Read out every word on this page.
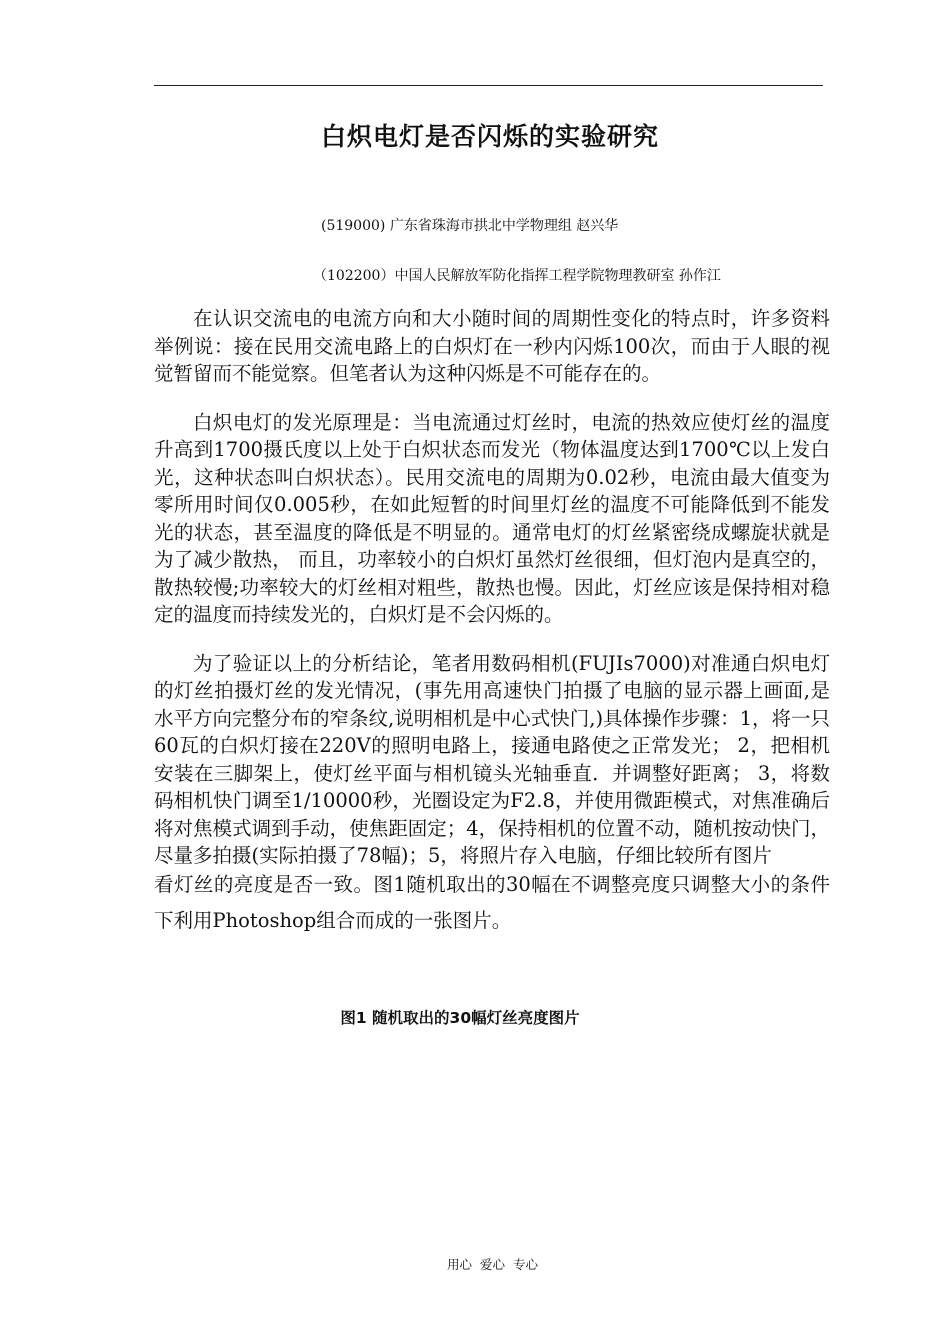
白炽电灯是否闪烁的实验研究
(519000) 广东省珠海市拱北中学物理组 赵兴华
（102200）中国人民解放军防化指挥工程学院物理教研室 孙作江

在认识交流电的电流方向和大小随时间的周期性变化的特点时，许多资料举例说：接在民用交流电路上的白炽灯在一秒内闪烁100次，而由于人眼的视觉暂留而不能觉察。但笔者认为这种闪烁是不可能存在的。

白炽电灯的发光原理是：当电流通过灯丝时，电流的热效应使灯丝的温度升高到1700摄氏度以上处于白炽状态而发光（物体温度达到1700℃以上发白光，这种状态叫白炽状态）。民用交流电的周期为0.02秒，电流由最大值变为零所用时间仅0.005秒，在如此短暂的时间里灯丝的温度不可能降低到不能发光的状态，甚至温度的降低是不明显的。通常电灯的灯丝紧密绕成螺旋状就是为了减少散热， 而且，功率较小的白炽灯虽然灯丝很细，但灯泡内是真空的，散热较慢;功率较大的灯丝相对粗些，散热也慢。因此，灯丝应该是保持相对稳定的温度而持续发光的，白炽灯是不会闪烁的。

为了验证以上的分析结论，笔者用数码相机(FUJIs7000)对准通白炽电灯的灯丝拍摄灯丝的发光情况，(事先用高速快门拍摄了电脑的显示器上画面,是水平方向完整分布的窄条纹,说明相机是中心式快门,)具体操作步骤：1，将一只60瓦的白炽灯接在220V的照明电路上，接通电路使之正常发光； 2，把相机安装在三脚架上，使灯丝平面与相机镜头光轴垂直．并调整好距离； 3，将数码相机快门调至1/10000秒，光圈设定为F2.8，并使用微距模式，对焦准确后将对焦模式调到手动，使焦距固定；4，保持相机的位置不动，随机按动快门，尽量多拍摄(实际拍摄了78幅)；5，将照片存入电脑，仔细比较所有图片

看灯丝的亮度是否一致。图1随机取出的30幅在不调整亮度只调整大小的条件下利用Photoshop组合而成的一张图片。

图1 随机取出的30幅灯丝亮度图片
用心 爱心 专心
